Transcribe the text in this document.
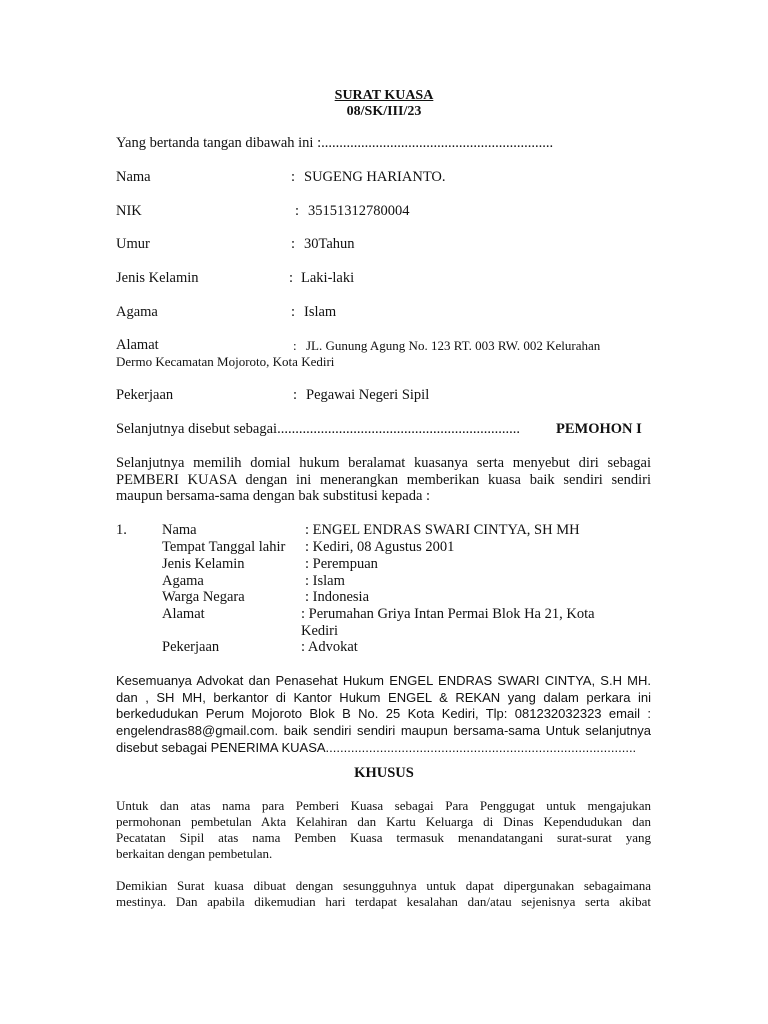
SURAT KUASA
08/SK/III/23
Yang bertanda tangan dibawah ini :................................................................
Nama	: SUGENG HARIANTO.
NIK	: 35151312780004
Umur	: 30Tahun
Jenis Kelamin	: Laki-laki
Agama	: Islam
Alamat	: JL. Gunung Agung No. 123 RT. 003 RW. 002 Kelurahan
Dermo Kecamatan Mojoroto, Kota Kediri
Pekerjaan	: Pegawai Negeri Sipil
Selanjutnya disebut sebagai................................................................... PEMOHON I
Selanjutnya memilih domial hukum beralamat kuasanya serta menyebut diri sebagai
PEMBERI KUASA dengan ini menerangkan memberikan kuasa baik sendiri sendiri
maupun bersama-sama dengan bak substitusi kepada :
1. Nama	: ENGEL ENDRAS SWARI CINTYA, SH MH
Tempat Tanggal lahir : Kediri, 08 Agustus 2001
Jenis Kelamin	: Perempuan
Agama	: Islam
Warga Negara	: Indonesia
Alamat	: Perumahan Griya Intan Permai Blok Ha 21, Kota
Kediri
Pekerjaan	: Advokat
Kesemuanya Advokat dan Penasehat Hukum ENGEL ENDRAS SWARI CINTYA, S.H MH.
dan , SH MH, berkantor di Kantor Hukum ENGEL & REKAN yang dalam perkara ini
berkedudukan Perum Mojoroto Blok B No. 25 Kota Kediri, Tlp: 081232032323 email :
engelendras88@gmail.com. baik sendiri sendiri maupun bersama-sama Untuk selanjutnya
disebut sebagai PENERIMA KUASA......................................................................................
KHUSUS
Untuk dan atas nama para Pemberi Kuasa sebagai Para Penggugat untuk mengajukan
permohonan pembetulan Akta Kelahiran dan Kartu Keluarga di Dinas Kependudukan dan
Pecatatan Sipil atas nama Pemben Kuasa termasuk menandatangani surat-surat yang
berkaitan dengan pembetulan.
Demikian Surat kuasa dibuat dengan sesungguhnya untuk dapat dipergunakan sebagaimana
mestinya. Dan apabila dikemudian hari terdapat kesalahan dan/atau sejenisnya serta akibat
